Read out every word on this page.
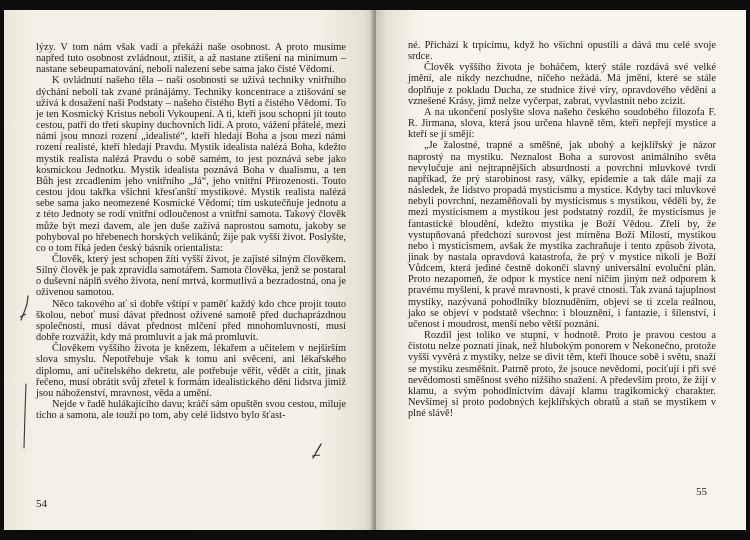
lýzy. V tom nám však vadí a překáží naše osobnost. A proto musíme napřed tuto osobnost zvládnout, ztišit, a až nastane ztišení na minimum – nastane sebeupamatování, neboli nalezení sebe sama jako čisté Vědomí.

K ovládnutí našeho těla – naší osobnosti se užívá techniky vnitřního dýchání neboli tak zvané pránájámy. Techniky koncentrace a ztišování se užívá k dosažení naší Podstaty – našeho čistého Bytí a čistého Vědomí. To je ten Kosmický Kristus neboli Vykoupení. A ti, kteří jsou schopni jít touto cestou, patří do třetí skupiny duchovních lidí. A proto, vážení přátelé, mezi námi jsou mnozí rození „idealisté“, kteří hledají Boha a jsou mezi námi rození realisté, kteří hledají Pravdu. Mystik idealista nalézá Boha, kdežto mystik realista nalézá Pravdu o sobě samém, to jest poznává sebe jako kosmickou Jednotku. Mystik idealista poznává Boha v dualismu, a ten Bůh jest zrcadlením jeho vnitřního „Já“, jeho vnitřní Přirozenosti. Touto cestou jdou takřka všichni křesťanští mystikové. Mystik realista nalézá sebe sama jako neomezené Kosmické Vědomí; tím uskutečňuje jednotu a z této Jednoty se rodí vnitřní odloučenost a vnitřní samota. Takový člověk může být mezi davem, ale jen duše zažívá naprostou samotu, jakoby se pohyboval po hřebenech horských velikánů; žije pak vyšší život. Poslyšte, co o tom říká jeden český básník orientalista:

Člověk, který jest schopen žíti vyšší život, je zajisté silným člověkem. Silný člověk je pak zpravidla samotářem. Samota člověka, jenž se postaral o duševní náplň svého života, není mrtvá, kormutlivá a bezradostná, ona je oživenou samotou.

Něco takového ať si dobře vštípí v paměť každý kdo chce projít touto školou, neboť musí dávat přednost oživené samotě před duchaprázdnou společností, musí dávat přednost mlčení před mnohomluvností, musí dobře rozvážit, kdy má promluvit a jak má promluvit.

Člověkem vyššího života je knězem, lékařem a učitelem v nejširším slova smyslu. Nepotřebuje však k tomu ani svěcení, ani lékařského diplomu, ani učitelského dekretu, ale potřebuje věřit, vědět a cítit, jinak řečeno, musí obrátit svůj zřetel k formám idealistického dění lidstva jimiž jsou náboženství, mravnost, věda a umění.

Nejde v řadě hulákajícího davu; kráčí sám opuštěn svou cestou, miluje ticho a samotu, ale touží po tom, aby celé lidstvo bylo šťast-

54

né. Přichází k trpícímu, když ho všichni opustili a dává mu celé svoje srdce.

Člověk vyššího života je boháčem, který stále rozdává své velké jmění, ale nikdy nezchudne, ničeho nežádá. Má jmění, které se stále doplňuje z pokladu Ducha, ze studnice živé víry, opravdového vědění a vznešené Krásy, jimž nelze vyčerpat, zabrat, vyvlastnit nebo zcizit.

A na ukončení poslyšte slova našeho českého soudobého filozofa F. R. Jirmana, slova, která jsou určena hlavně těm, kteří nepřejí mystice a kteří se jí smějí:

„Je žalostné, trapné a směšné, jak ubohý a kejklířský je názor naprostý na mystiku. Neznalost Boha a surovost animálního světa nevylučuje ani nejtrapnějších absurdností a povrchní mluvkové tvrdí napříkad, že prý starobinost rasy, války, epidemie a tak dále mají za následek, že lidstvo propadá mysticismu a mystice. Kdyby tací mluvkové nebyli povrchní, nezaměňovali by mysticismus s mystikou, věděli by, že mezi mysticismem a mystikou jest podstatný rozdíl, že mysticismus je fantastické bloudění, kdežto mystika je Boží Vědou. Zřeli by, že vystupňovaná předchozí surovost jest mírněna Boží Milostí, mystikou nebo i mysticismem, avšak že mystika zachraňuje i tento způsob života, jinak by nastala opravdová katastrofa, že prý v mystice nikoli je Boží Vůdcem, která jediné čestně dokončí slavný universální evoluční plán. Proto nezapomeň, že odpor k mystice není ničím jiným než odporem k pravému myšlení, k pravé mravnosti, k pravé ctnosti. Tak zvaná tajuplnost mystiky, nazývaná pohodlníky bloznuděním, objeví se ti zcela reálnou, jako se objeví v podstatě všechno: i blouznění, i fantazie, i šílenství, i učenost i moudrost, menší nebo větší poznání.

Rozdíl jest toliko ve stupni, v hodnotě. Proto je pravou cestou a čistotu nelze poznati jinak, než hlubokým ponorem v Nekonečno, protože vyšší vyvěrá z mystiky, nelze se divit těm, kteří lhouce sobě i světu, snaží se mystiku zesměšnit. Patrně proto, že jsouce nevědomí, pociťují i při své nevědomosti směšnost svého nižšího snažení. A především proto, že žijí v klamu, a svým pohodlnictvím dávají klamu tragikomický charakter. Nevšímej si proto podobných kejklířských obratů a staň se mystikem v plné slávě!

55
